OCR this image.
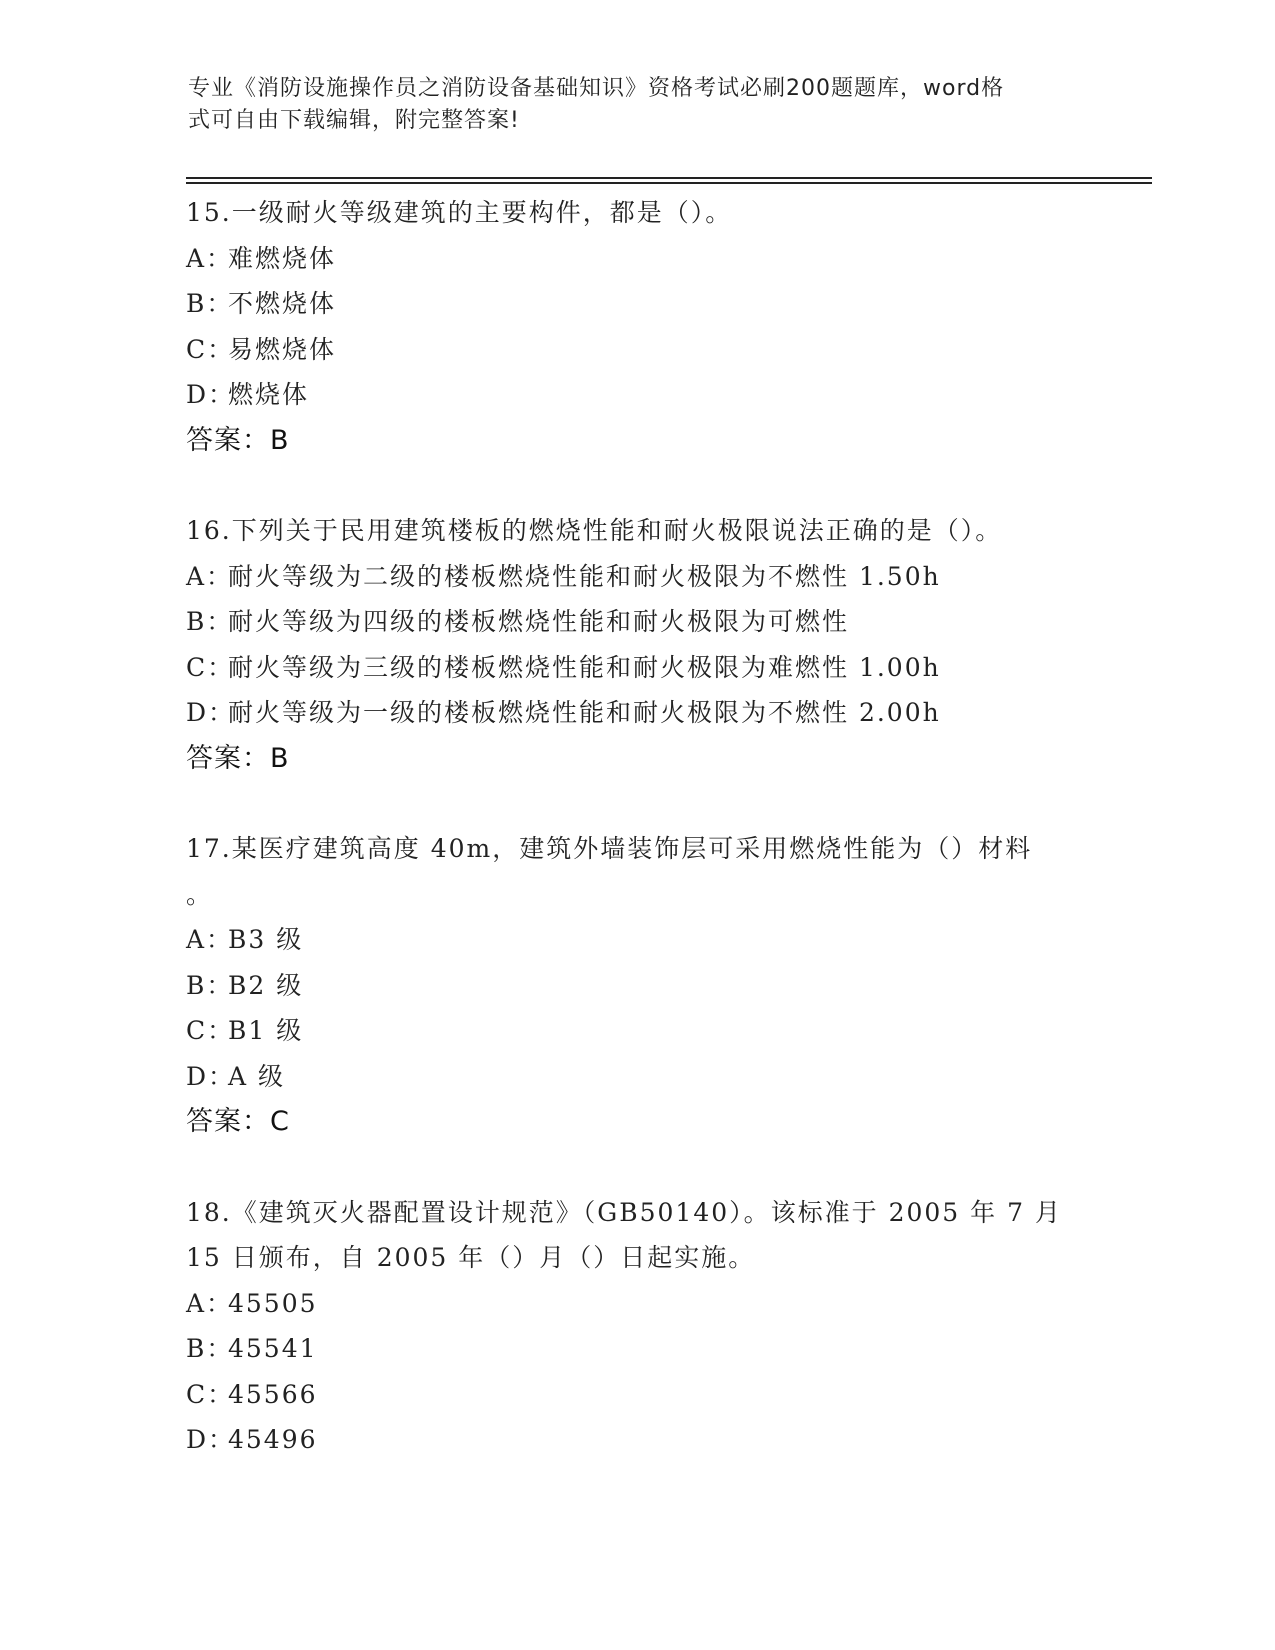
专业《消防设施操作员之消防设备基础知识》资格考试必刷200题题库，word格
式可自由下载编辑，附完整答案!
15.一级耐火等级建筑的主要构件，都是（）。
A：难燃烧体
B：不燃烧体
C：易燃烧体
D：燃烧体
答案：B
16.下列关于民用建筑楼板的燃烧性能和耐火极限说法正确的是（）。
A：耐火等级为二级的楼板燃烧性能和耐火极限为不燃性 1.50h
B：耐火等级为四级的楼板燃烧性能和耐火极限为可燃性
C：耐火等级为三级的楼板燃烧性能和耐火极限为难燃性 1.00h
D：耐火等级为一级的楼板燃烧性能和耐火极限为不燃性 2.00h
答案：B
17.某医疗建筑高度 40m，建筑外墙装饰层可采用燃烧性能为（）材料
。
A：B3 级
B：B2 级
C：B1 级
D：A 级
答案：C
18.《建筑灭火器配置设计规范》（GB50140）。该标准于 2005 年 7 月
15 日颁布，自 2005 年（）月（）日起实施。
A：45505
B：45541
C：45566
D：45496
